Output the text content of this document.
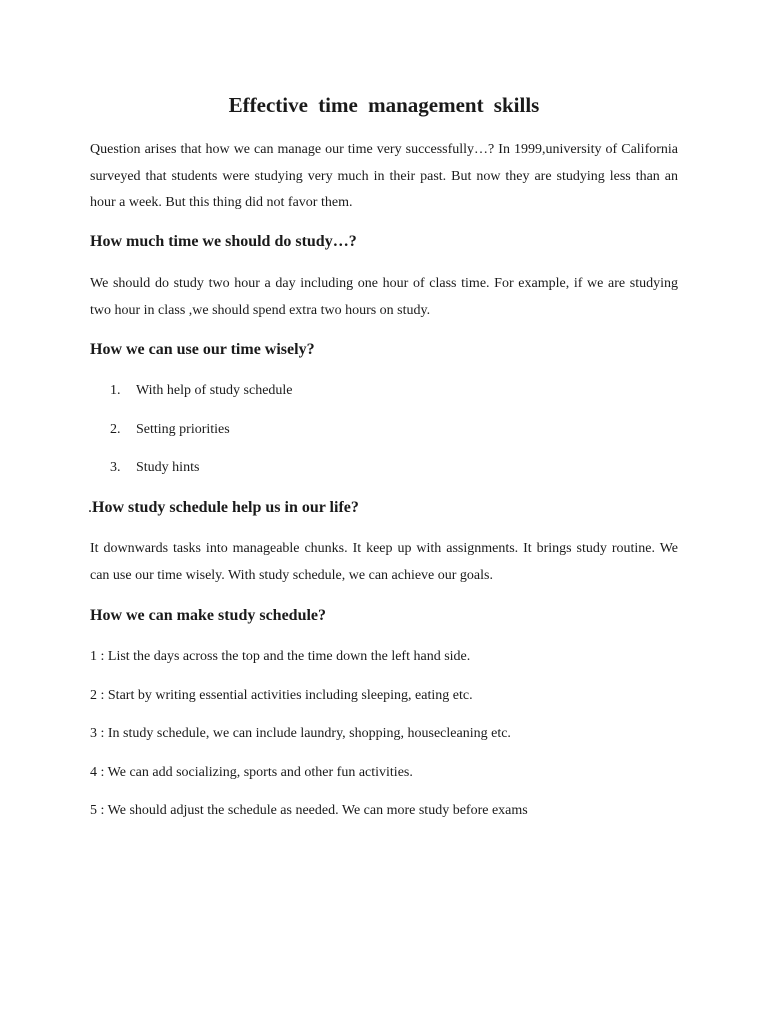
Effective time management skills

Question arises that how we can manage our time very successfully…? In 1999,university of California surveyed that students were studying very much in their past. But now they are studying less than an hour a week. But this thing did not favor them.

How much time we should do study…?

We should do study two hour a day including one hour of class time. For example, if we are studying two hour in class ,we should spend extra two hours on study.

How we can use our time wisely?
1.	With help of study schedule
2.	Setting priorities
3.	Study hints
.How study schedule help us in our life?

It downwards tasks into manageable chunks. It keep up with assignments. It brings study routine. We can use our time wisely. With study schedule, we can achieve our goals.

How we can make study schedule?
1 : List the days across the top and the time down the left hand side.
2 : Start by writing essential activities including sleeping, eating etc.
3 : In study schedule, we can include laundry, shopping, housecleaning etc.
4 : We can add socializing, sports and other fun activities.
5 : We should adjust the schedule as needed. We can more study before exams
